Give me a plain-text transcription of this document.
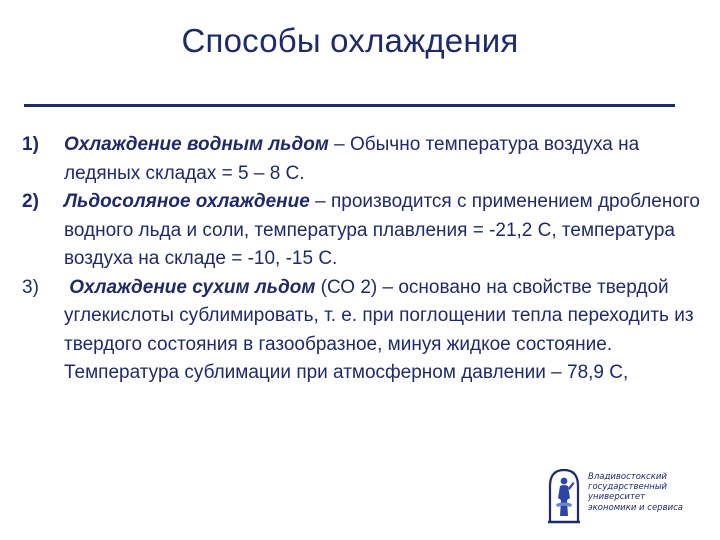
Способы охлаждения

1) Охлаждение водным льдом – Обычно температура воздуха на ледяных складах = 5 – 8 С.

2) Льдосоляное охлаждение – производится с применением дробленого водного льда и соли, температура плавления = -21,2 С, температура воздуха на складе = -10, -15 С.

3) Охлаждение сухим льдом (СО 2) – основано на свойстве твердой углекислоты сублимировать, т. е. при поглощении тепла переходить из твердого состояния в газообразное, минуя жидкое состояние. Температура сублимации при атмосферном давлении – 78,9 С,

Владивостокский
государственный
университет
экономики и сервиса
